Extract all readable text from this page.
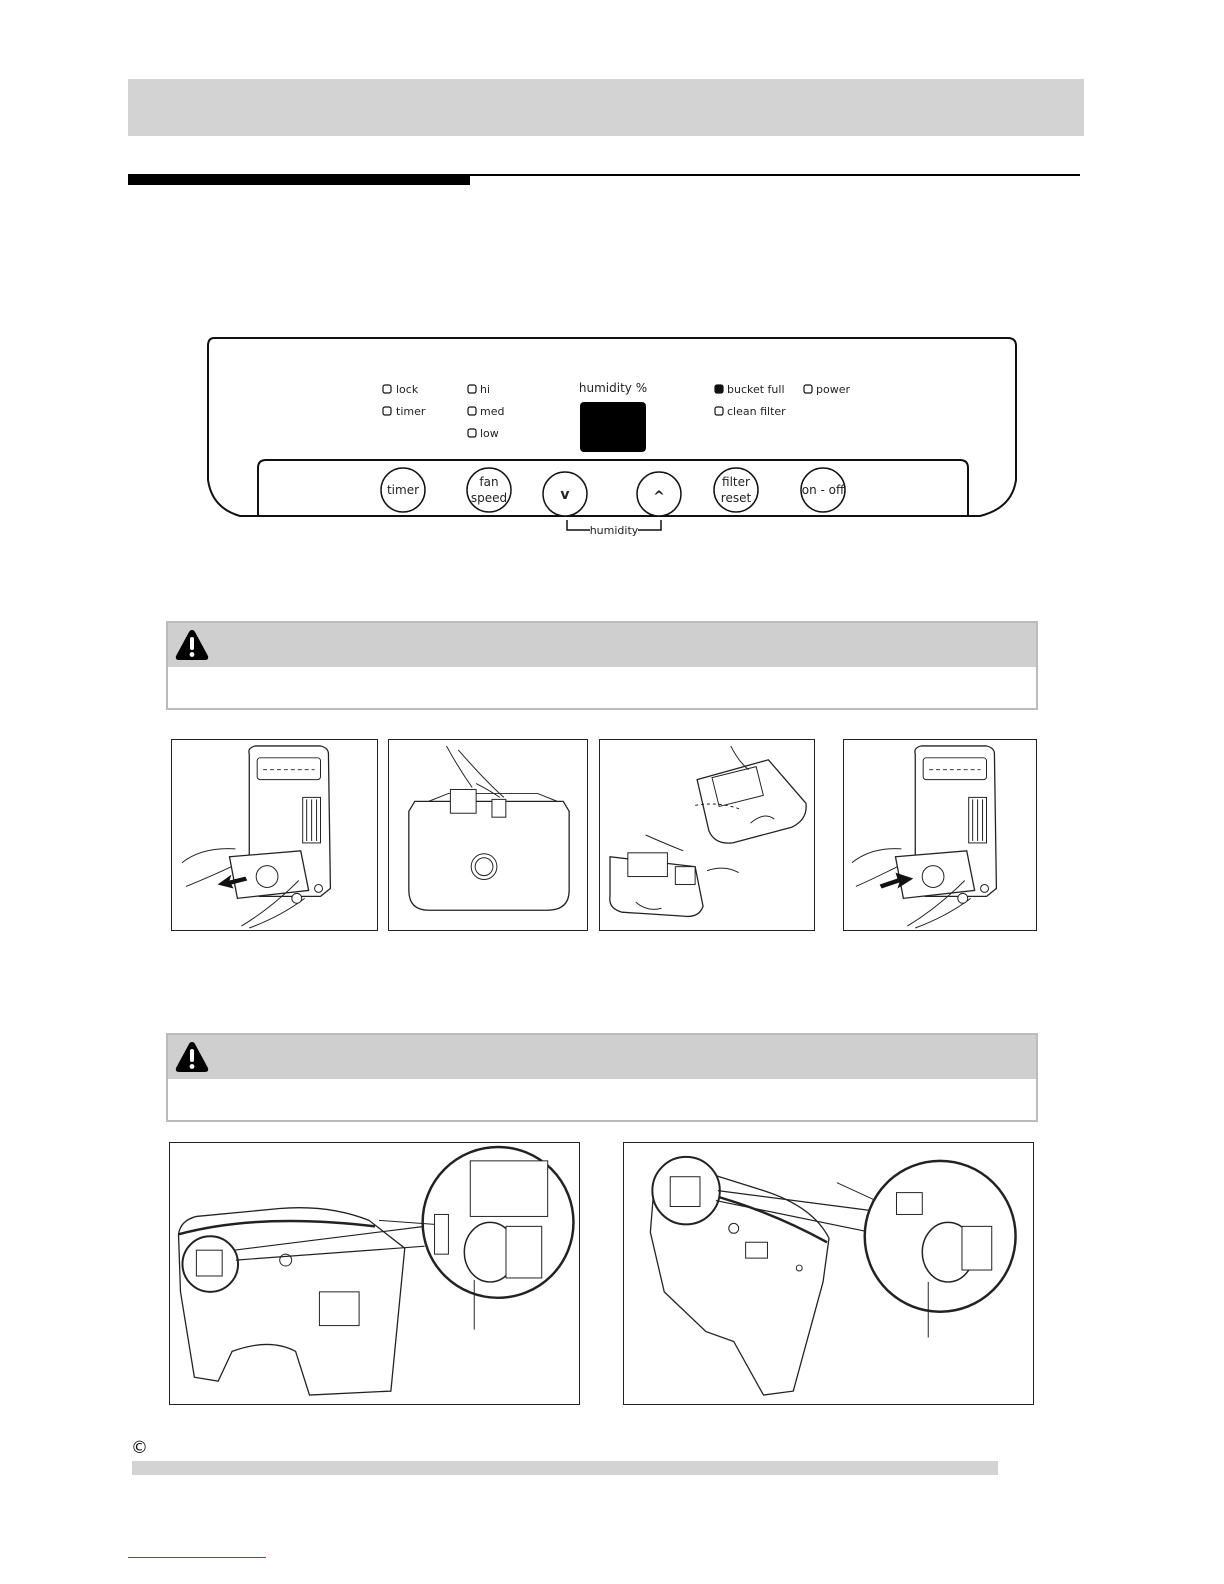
lock
timer
hi
med
low
humidity %	bucket full
clean filter
power
timer
fan
speed	v	^
filter
reset
on - off
humidity
©
